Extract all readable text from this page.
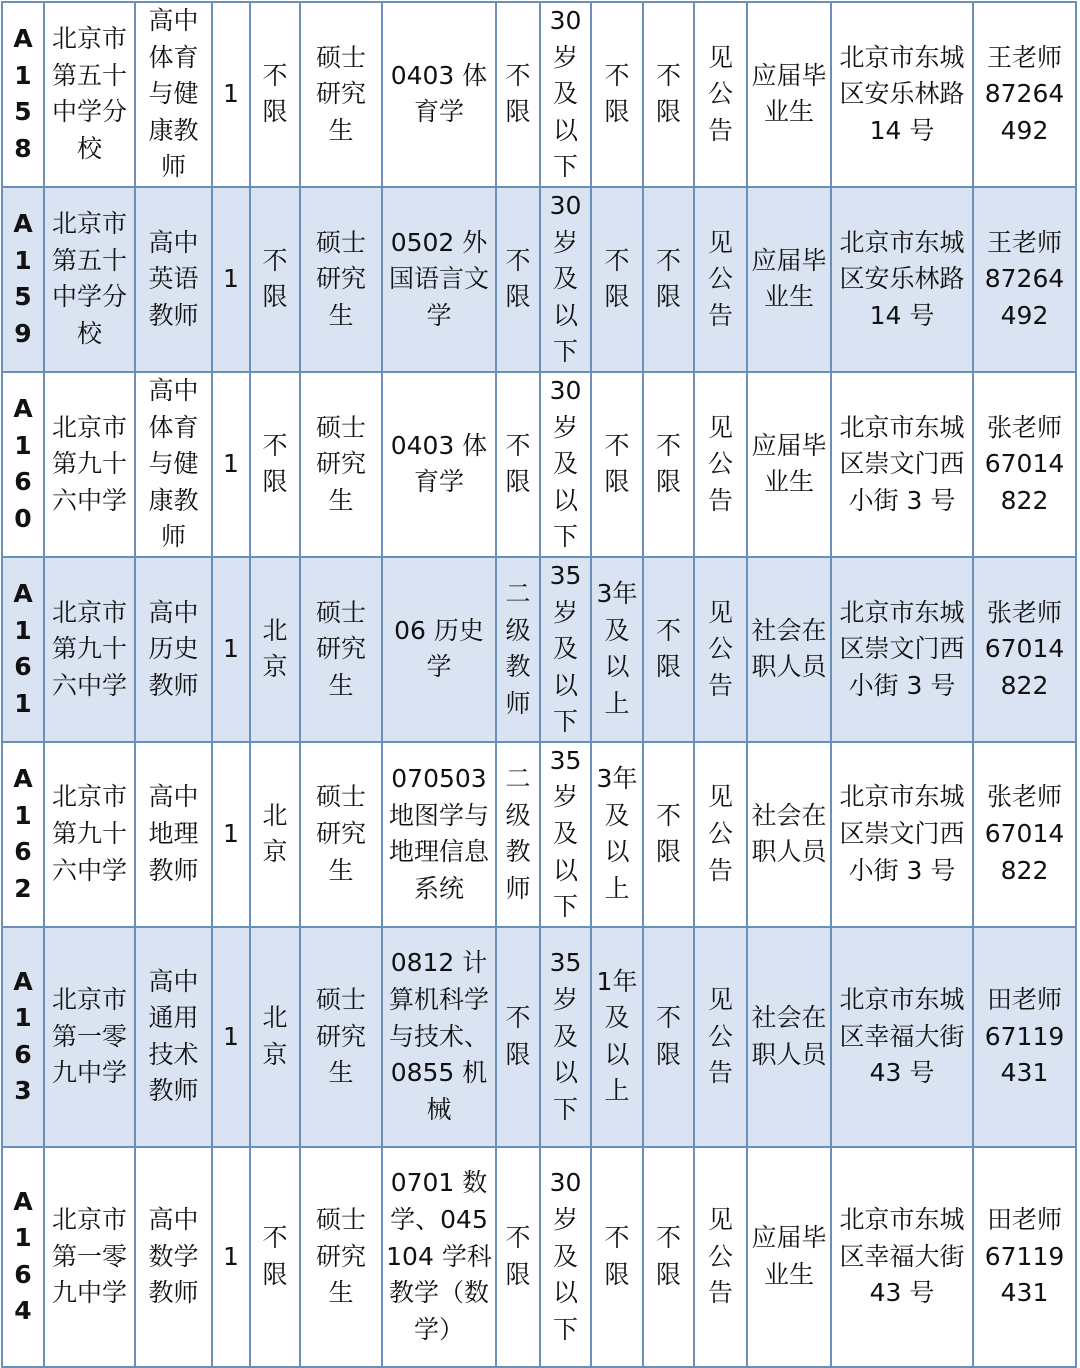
A
1
5
8	北京市第五十中学分校	高中体育与健康教师	1	不限	硕士研究生	0403 体育学	不限	30岁及以下	不限	不限	见公告	应届毕业生	北京市东城区安乐林路 14 号	王老师 87264492

A
1
5
9	北京市第五十中学分校	高中英语教师	1	不限	硕士研究生	0502 外国语言文学	不限	30岁及以下	不限	不限	见公告	应届毕业生	北京市东城区安乐林路 14 号	王老师 87264492

A
1
6
0	北京市第九十六中学	高中体育与健康教师	1	不限	硕士研究生	0403 体育学	不限	30岁及以下	不限	不限	见公告	应届毕业生	北京市东城区崇文门西小街 3 号	张老师 67014822

A
1
6
1	北京市第九十六中学	高中历史教师	1	北京	硕士研究生	06 历史学	二级教师	35岁及以下	3年及以上	不限	见公告	社会在职人员	北京市东城区崇文门西小街 3 号	张老师 67014822

A
1
6
2	北京市第九十六中学	高中地理教师	1	北京	硕士研究生	070503 地图学与地理信息系统	二级教师	35岁及以下	3年及以上	不限	见公告	社会在职人员	北京市东城区崇文门西小街 3 号	张老师 67014822

A
1
6
3	北京市第一零九中学	高中通用技术教师	1	北京	硕士研究生	0812 计算机科学与技术、0855 机械	不限	35岁及以下	1年及以上	不限	见公告	社会在职人员	北京市东城区幸福大街 43 号	田老师 67119431

A
1
6
4	北京市第一零九中学	高中数学教师	1	不限	硕士研究生	0701 数学、045104 学科教学（数学）	不限	30岁及以下	不限	不限	见公告	应届毕业生	北京市东城区幸福大街 43 号	田老师 67119431
